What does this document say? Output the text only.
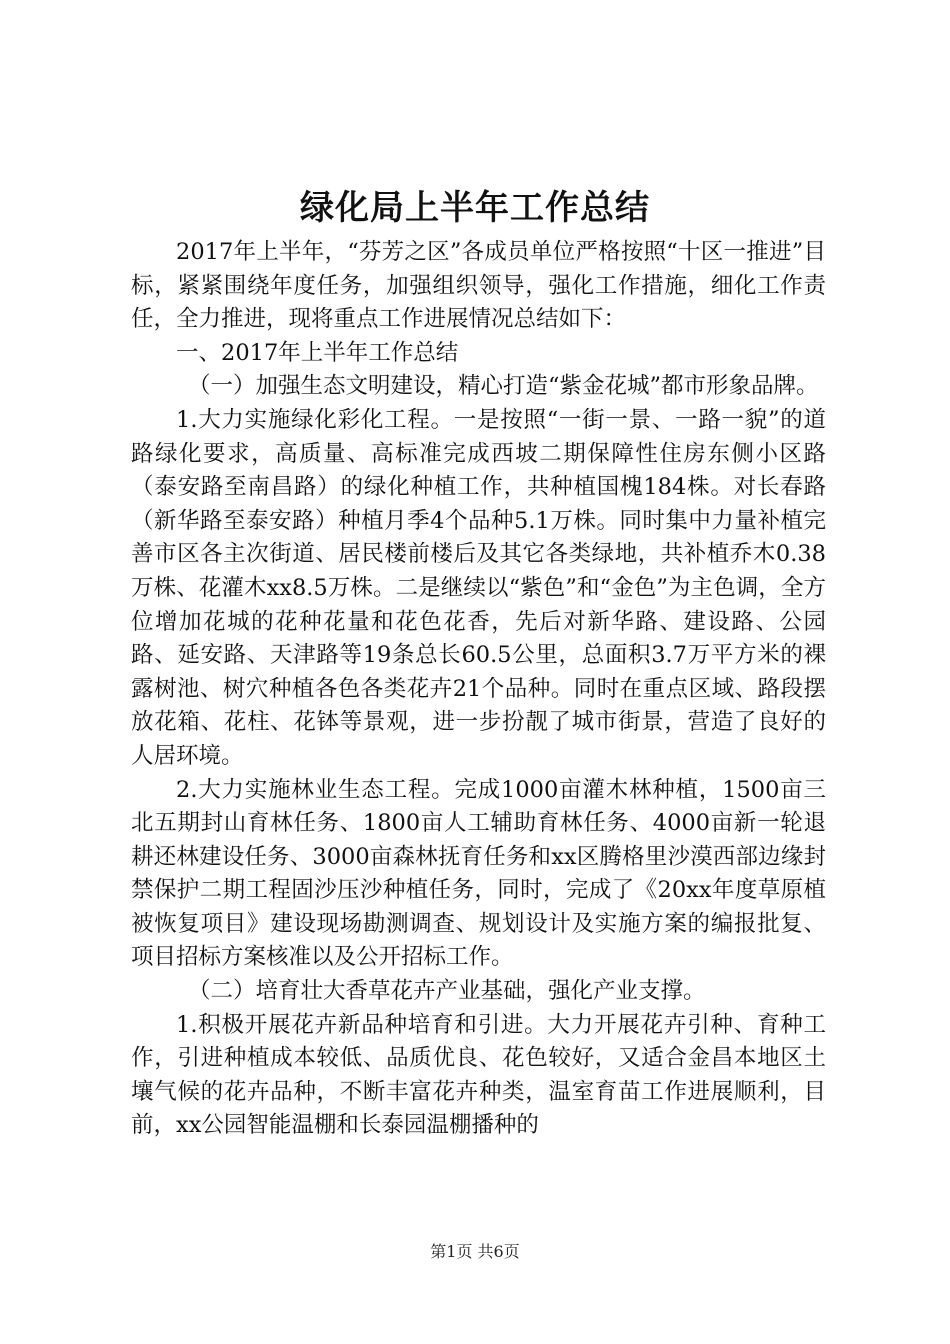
绿化局上半年工作总结

2017年上半年，“芬芳之区”各成员单位严格按照“十区一推进”目标，紧紧围绕年度任务，加强组织领导，强化工作措施，细化工作责任，全力推进，现将重点工作进展情况总结如下：

一、2017年上半年工作总结

（一）加强生态文明建设，精心打造“紫金花城”都市形象品牌。

1.大力实施绿化彩化工程。一是按照“一街一景、一路一貌”的道路绿化要求，高质量、高标准完成西坡二期保障性住房东侧小区路（泰安路至南昌路）的绿化种植工作，共种植国槐184株。对长春路（新华路至泰安路）种植月季4个品种5.1万株。同时集中力量补植完善市区各主次街道、居民楼前楼后及其它各类绿地，共补植乔木0.38万株、花灌木xx8.5万株。二是继续以“紫色”和“金色”为主色调，全方位增加花城的花种花量和花色花香，先后对新华路、建设路、公园路、延安路、天津路等19条总长60.5公里，总面积3.7万平方米的裸露树池、树穴种植各色各类花卉21个品种。同时在重点区域、路段摆放花箱、花柱、花钵等景观，进一步扮靓了城市街景，营造了良好的人居环境。

2.大力实施林业生态工程。完成1000亩灌木林种植，1500亩三北五期封山育林任务、1800亩人工辅助育林任务、4000亩新一轮退耕还林建设任务、3000亩森林抚育任务和xx区腾格里沙漠西部边缘封禁保护二期工程固沙压沙种植任务，同时，完成了《20xx年度草原植被恢复项目》建设现场勘测调查、规划设计及实施方案的编报批复、项目招标方案核准以及公开招标工作。

（二）培育壮大香草花卉产业基础，强化产业支撑。

1.积极开展花卉新品种培育和引进。大力开展花卉引种、育种工作，引进种植成本较低、品质优良、花色较好，又适合金昌本地区土壤气候的花卉品种，不断丰富花卉种类，温室育苗工作进展顺利，目前，xx公园智能温棚和长泰园温棚播种的

第1页 共6页
